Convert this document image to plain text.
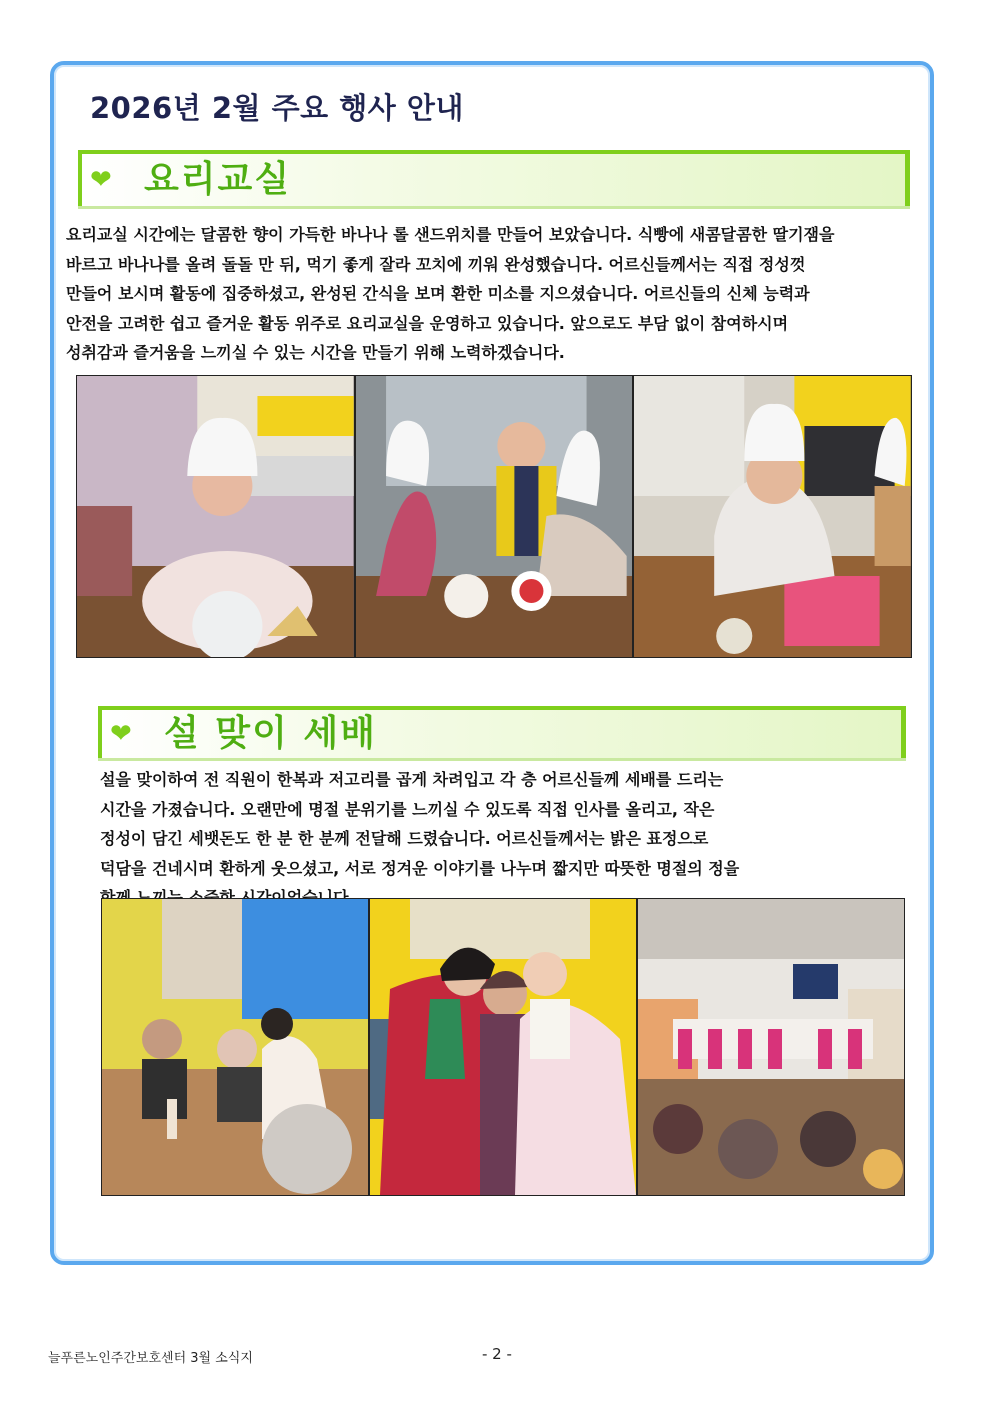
2026년 2월 주요 행사 안내
❤ 요리교실
요리교실 시간에는 달콤한 향이 가득한 바나나 롤 샌드위치를 만들어 보았습니다. 식빵에 새콤달콤한 딸기잼을
바르고 바나나를 올려 돌돌 만 뒤, 먹기 좋게 잘라 꼬치에 끼워 완성했습니다. 어르신들께서는 직접 정성껏
만들어 보시며 활동에 집중하셨고, 완성된 간식을 보며 환한 미소를 지으셨습니다. 어르신들의 신체 능력과
안전을 고려한 쉽고 즐거운 활동 위주로 요리교실을 운영하고 있습니다. 앞으로도 부담 없이 참여하시며
성취감과 즐거움을 느끼실 수 있는 시간을 만들기 위해 노력하겠습니다.
❤ 설 맞이 세배
설을 맞이하여 전 직원이 한복과 저고리를 곱게 차려입고 각 층 어르신들께 세배를 드리는
시간을 가졌습니다. 오랜만에 명절 분위기를 느끼실 수 있도록 직접 인사를 올리고, 작은
정성이 담긴 세뱃돈도 한 분 한 분께 전달해 드렸습니다. 어르신들께서는 밝은 표정으로
덕담을 건네시며 환하게 웃으셨고, 서로 정겨운 이야기를 나누며 짧지만 따뜻한 명절의 정을
늘푸른노인주간보호센터 3월 소식지	- 2 -
